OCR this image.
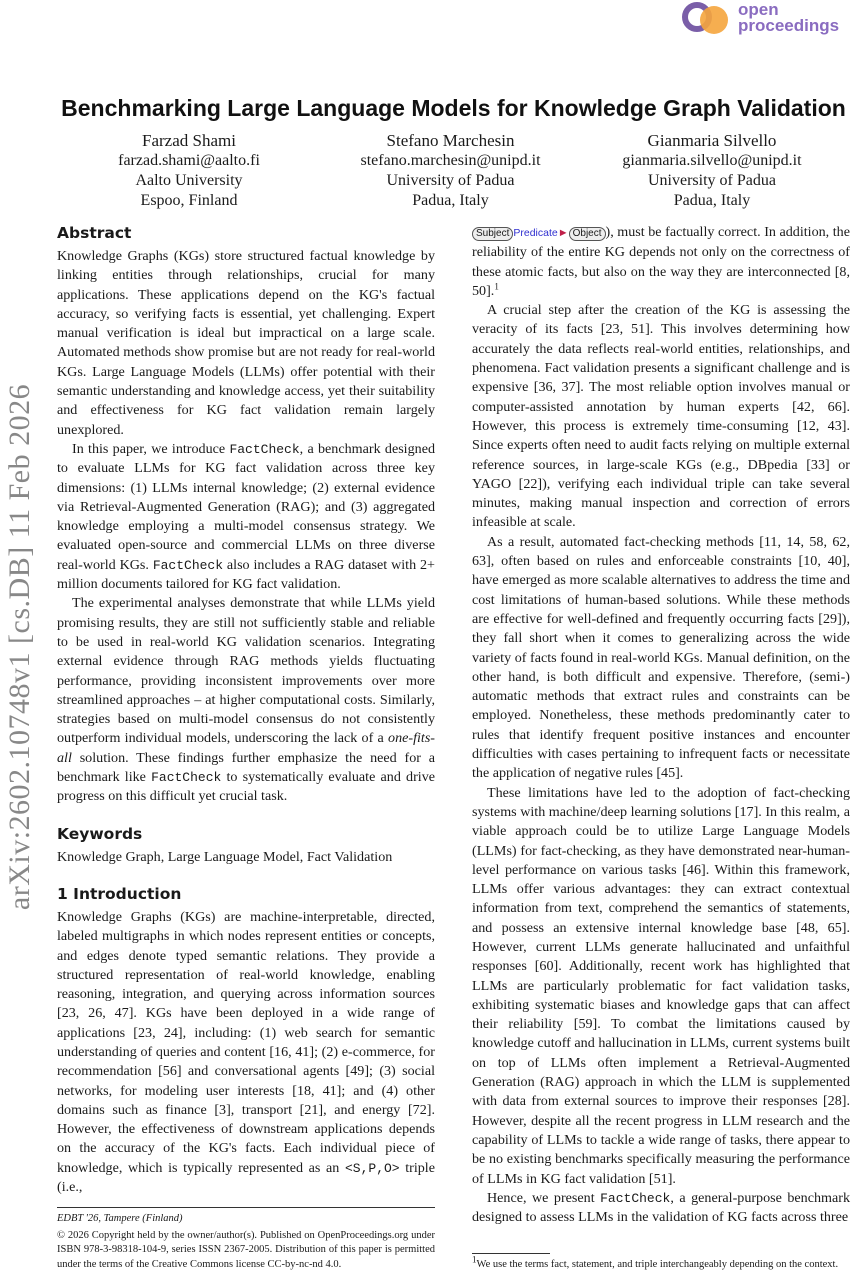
open
proceedings
arXiv:2602.10748v1 [cs.DB] 11 Feb 2026
Benchmarking Large Language Models for Knowledge Graph Validation
Farzad Shami
farzad.shami@aalto.fi
Aalto University
Espoo, Finland
Stefano Marchesin
stefano.marchesin@unipd.it
University of Padua
Padua, Italy
Gianmaria Silvello
gianmaria.silvello@unipd.it
University of Padua
Padua, Italy
Abstract

Knowledge Graphs (KGs) store structured factual knowledge by linking entities through relationships, crucial for many applications. These applications depend on the KG's factual accuracy, so verifying facts is essential, yet challenging. Expert manual verification is ideal but impractical on a large scale. Automated methods show promise but are not ready for real-world KGs. Large Language Models (LLMs) offer potential with their semantic understanding and knowledge access, yet their suitability and effectiveness for KG fact validation remain largely unexplored.

In this paper, we introduce FactCheck, a benchmark designed to evaluate LLMs for KG fact validation across three key dimensions: (1) LLMs internal knowledge; (2) external evidence via Retrieval-Augmented Generation (RAG); and (3) aggregated knowledge employing a multi-model consensus strategy. We evaluated open-source and commercial LLMs on three diverse real-world KGs. FactCheck also includes a RAG dataset with 2+ million documents tailored for KG fact validation.

The experimental analyses demonstrate that while LLMs yield promising results, they are still not sufficiently stable and reliable to be used in real-world KG validation scenarios. Integrating external evidence through RAG methods yields fluctuating performance, providing inconsistent improvements over more streamlined approaches – at higher computational costs. Similarly, strategies based on multi-model consensus do not consistently outperform individual models, underscoring the lack of a one-fits-all solution. These findings further emphasize the need for a benchmark like FactCheck to systematically evaluate and drive progress on this difficult yet crucial task.

Keywords

Knowledge Graph, Large Language Model, Fact Validation

1 Introduction

Knowledge Graphs (KGs) are machine-interpretable, directed, labeled multigraphs in which nodes represent entities or concepts, and edges denote typed semantic relations. They provide a structured representation of real-world knowledge, enabling reasoning, integration, and querying across information sources [23, 26, 47]. KGs have been deployed in a wide range of applications [23, 24], including: (1) web search for semantic understanding of queries and content [16, 41]; (2) e-commerce, for recommendation [56] and conversational agents [49]; (3) social networks, for modeling user interests [18, 41]; and (4) other domains such as finance [3], transport [21], and energy [72]. However, the effectiveness of downstream applications depends on the accuracy of the KG's facts. Each individual piece of knowledge, which is typically represented as an <S,P,O> triple (i.e.,

EDBT '26, Tampere (Finland)
© 2026 Copyright held by the owner/author(s). Published on OpenProceedings.org under ISBN 978-3-98318-104-9, series ISSN 2367-2005. Distribution of this paper is permitted under the terms of the Creative Commons license CC-by-nc-nd 4.0.

Subject Predicate► Object ), must be factually correct. In addition, the reliability of the entire KG depends not only on the correctness of these atomic facts, but also on the way they are interconnected [8, 50].$^1$

A crucial step after the creation of the KG is assessing the veracity of its facts [23, 51]. This involves determining how accurately the data reflects real-world entities, relationships, and phenomena. Fact validation presents a significant challenge and is expensive [36, 37]. The most reliable option involves manual or computer-assisted annotation by human experts [42, 66]. However, this process is extremely time-consuming [12, 43]. Since experts often need to audit facts relying on multiple external reference sources, in large-scale KGs (e.g., DBpedia [33] or YAGO [22]), verifying each individual triple can take several minutes, making manual inspection and correction of errors infeasible at scale.

As a result, automated fact-checking methods [11, 14, 58, 62, 63], often based on rules and enforceable constraints [10, 40], have emerged as more scalable alternatives to address the time and cost limitations of human-based solutions. While these methods are effective for well-defined and frequently occurring facts [29]), they fall short when it comes to generalizing across the wide variety of facts found in real-world KGs. Manual definition, on the other hand, is both difficult and expensive. Therefore, (semi-) automatic methods that extract rules and constraints can be employed. Nonetheless, these methods predominantly cater to rules that identify frequent positive instances and encounter difficulties with cases pertaining to infrequent facts or necessitate the application of negative rules [45].

These limitations have led to the adoption of fact-checking systems with machine/deep learning solutions [17]. In this realm, a viable approach could be to utilize Large Language Models (LLMs) for fact-checking, as they have demonstrated near-human-level performance on various tasks [46]. Within this framework, LLMs offer various advantages: they can extract contextual information from text, comprehend the semantics of statements, and possess an extensive internal knowledge base [48, 65]. However, current LLMs generate hallucinated and unfaithful responses [60]. Additionally, recent work has highlighted that LLMs are particularly problematic for fact validation tasks, exhibiting systematic biases and knowledge gaps that can affect their reliability [59]. To combat the limitations caused by knowledge cutoff and hallucination in LLMs, current systems built on top of LLMs often implement a Retrieval-Augmented Generation (RAG) approach in which the LLM is supplemented with data from external sources to improve their responses [28]. However, despite all the recent progress in LLM research and the capability of LLMs to tackle a wide range of tasks, there appear to be no existing benchmarks specifically measuring the performance of LLMs in KG fact validation [51].

Hence, we present FactCheck, a general-purpose benchmark designed to assess LLMs in the validation of KG facts across three

$^1$We use the terms fact, statement, and triple interchangeably depending on the context.
